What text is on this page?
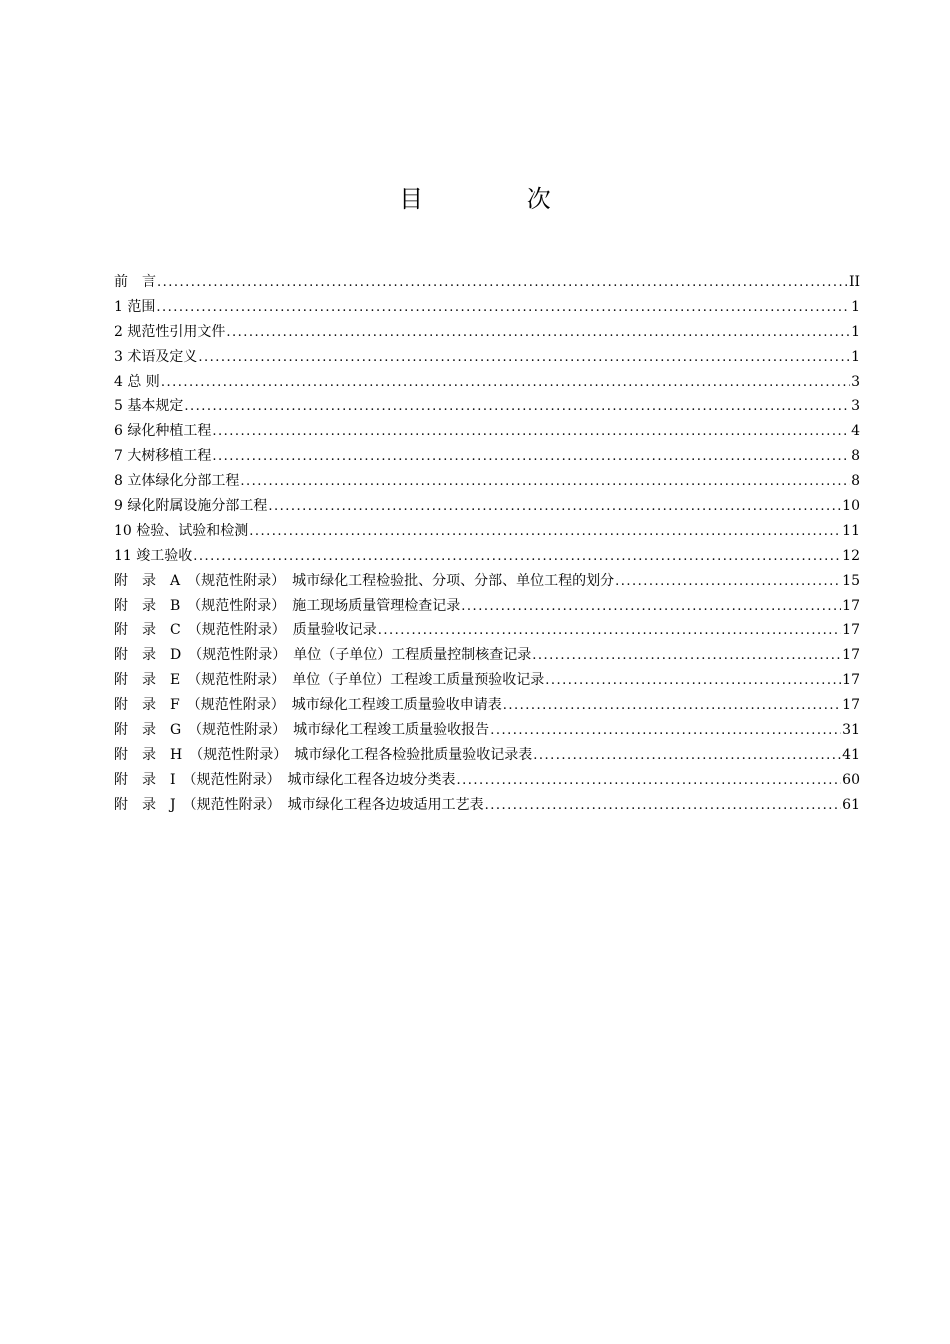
目 次
前　言 .....	II
1 范围 .....	1
2 规范性引用文件 .....	1
3 术语及定义 .....	1
4 总 则 .....	3
5 基本规定 .....	3
6 绿化种植工程 .....	4
7 大树移植工程 .....	8
8 立体绿化分部工程 .....	8
9 绿化附属设施分部工程 .....	10
10 检验、试验和检测 .....	11
11 竣工验收 .....	12
附　录　A　（规范性附录）　城市绿化工程检验批、分项、分部、单位工程的划分 .....	15
附　录　B　（规范性附录）　施工现场质量管理检查记录 .....	17
附　录　C　（规范性附录）　质量验收记录 .....	17
附　录　D　（规范性附录）　单位（子单位）工程质量控制核查记录 .....	17
附　录　E　（规范性附录）　单位（子单位）工程竣工质量预验收记录 .....	17
附　录　F　（规范性附录）　城市绿化工程竣工质量验收申请表 .....	17
附　录　G　（规范性附录）　城市绿化工程竣工质量验收报告 .....	31
附　录　H　（规范性附录）　城市绿化工程各检验批质量验收记录表 .....	41
附　录　I　（规范性附录）　城市绿化工程各边坡分类表 .....	60
附　录　J　（规范性附录）　城市绿化工程各边坡适用工艺表 .....	61
